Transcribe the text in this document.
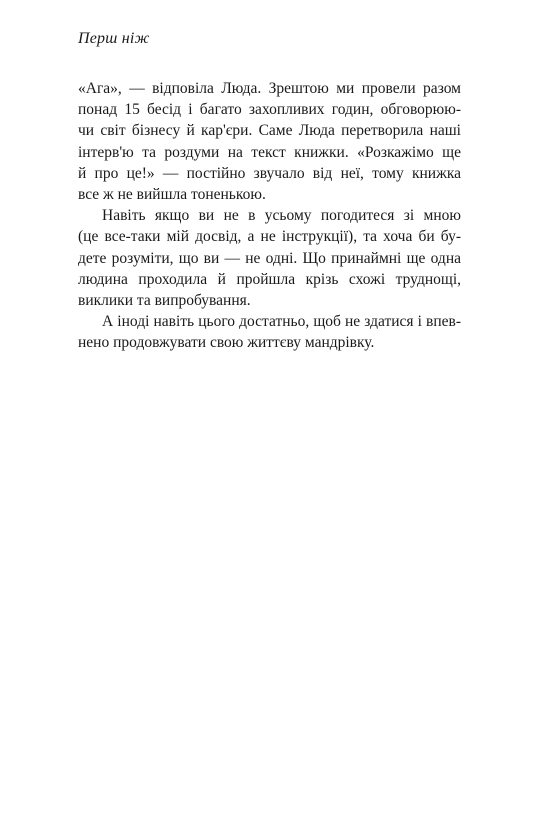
Перш ніж

«Ага», — відповіла Люда. Зрештою ми провели разом
понад 15 бесід і багато захопливих годин, обговорюю-
чи світ бізнесу й кар'єри. Саме Люда перетворила наші
інтерв'ю та роздуми на текст книжки. «Розкажімо ще
й про це!» — постійно звучало від неї, тому книжка
все ж не вийшла тоненькою.

Навіть якщо ви не в усьому погодитеся зі мною
(це все-таки мій досвід, а не інструкції), та хоча би бу-
дете розуміти, що ви — не одні. Що принаймні ще одна
людина проходила й пройшла крізь схожі труднощі,
виклики та випробування.

А іноді навіть цього достатньо, щоб не здатися і впев-
нено продовжувати свою життєву мандрівку.
